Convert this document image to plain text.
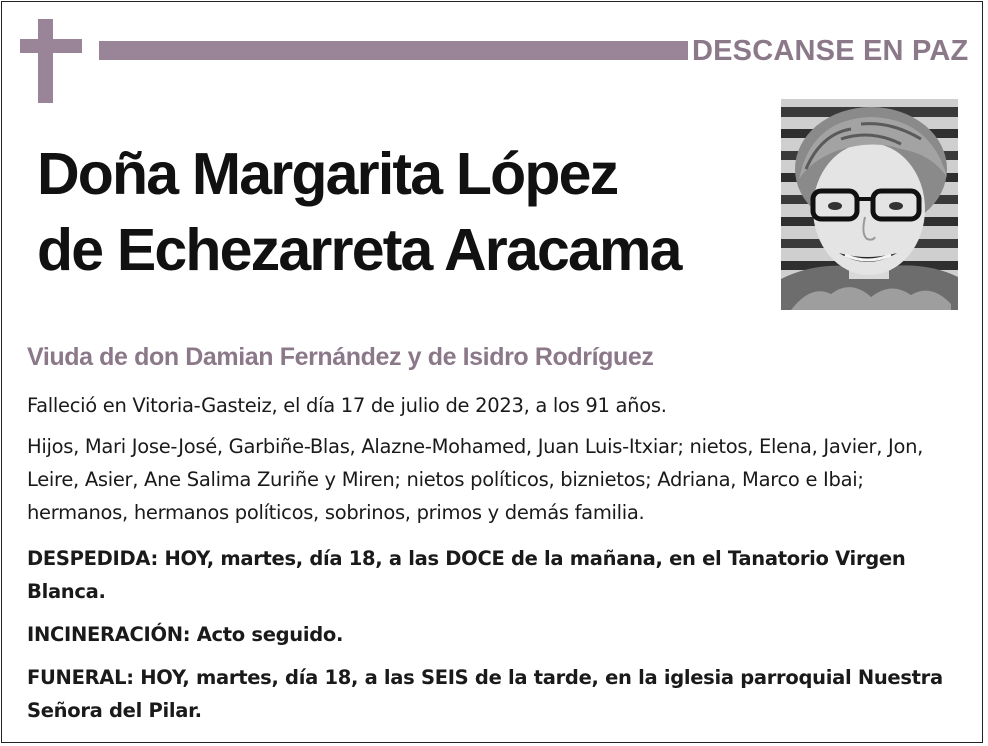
DESCANSE EN PAZ
Doña Margarita López
de Echezarreta Aracama
Viuda de don Damian Fernández y de Isidro Rodríguez

Falleció en Vitoria-Gasteiz, el día 17 de julio de 2023, a los 91 años.

Hijos, Mari Jose-José, Garbiñe-Blas, Alazne-Mohamed, Juan Luis-Itxiar; nietos, Elena, Javier, Jon, Leire, Asier, Ane Salima Zuriñe y Miren; nietos políticos, biznietos; Adriana, Marco e Ibai; hermanos, hermanos políticos, sobrinos, primos y demás familia.

DESPEDIDA: HOY, martes, día 18, a las DOCE de la mañana, en el Tanatorio Virgen Blanca.

INCINERACIÓN: Acto seguido.

FUNERAL: HOY, martes, día 18, a las SEIS de la tarde, en la iglesia parroquial Nuestra Señora del Pilar.
